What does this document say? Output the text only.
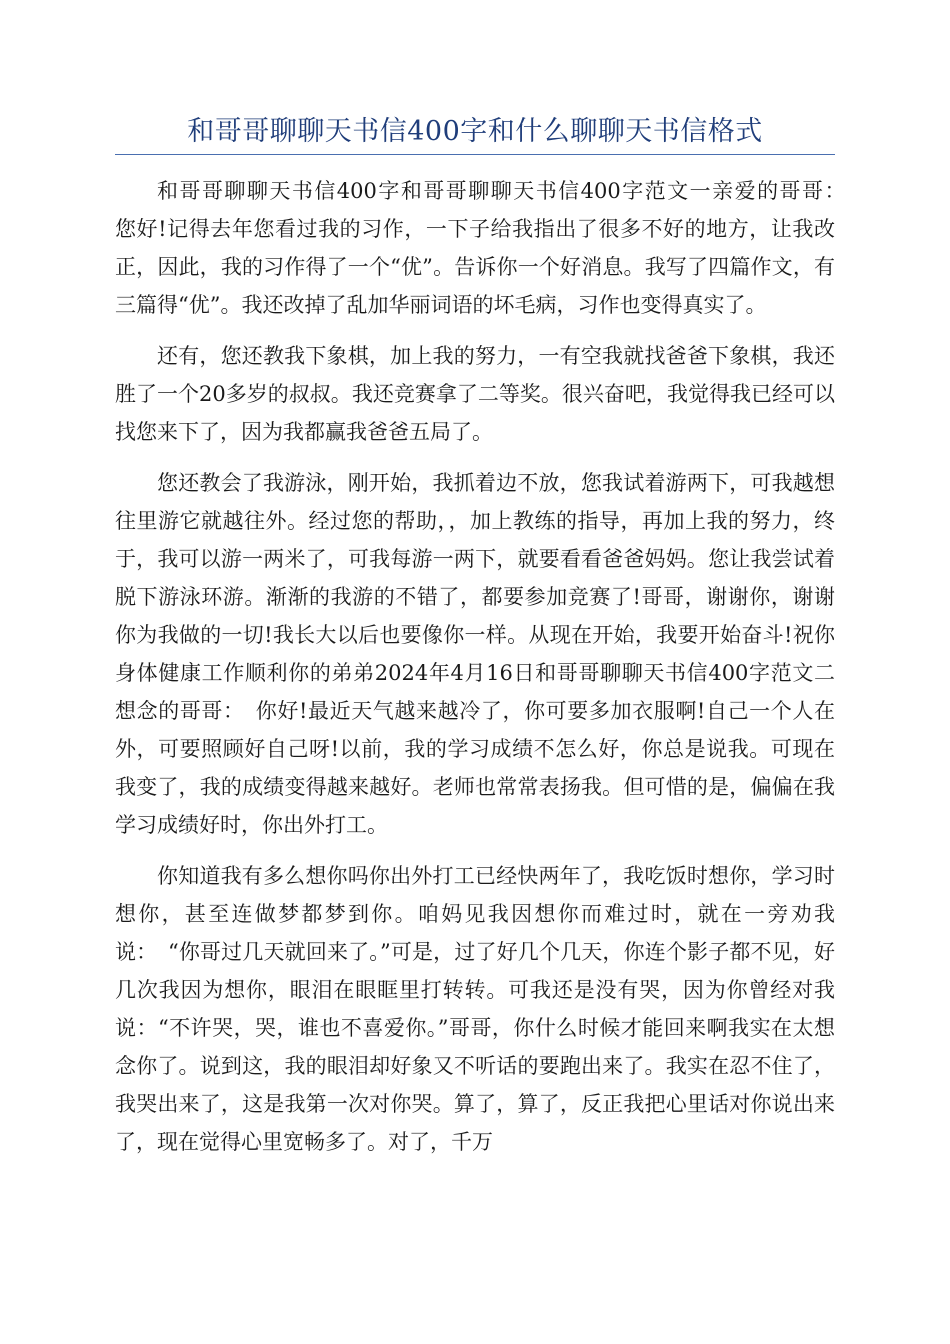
和哥哥聊聊天书信400字和什么聊聊天书信格式

和哥哥聊聊天书信400字和哥哥聊聊天书信400字范文一亲爱的哥哥：　您好!记得去年您看过我的习作，一下子给我指出了很多不好的地方，让我改正，因此，我的习作得了一个“优”。告诉你一个好消息。我写了四篇作文，有三篇得“优”。我还改掉了乱加华丽词语的坏毛病，习作也变得真实了。

还有，您还教我下象棋，加上我的努力，一有空我就找爸爸下象棋，我还胜了一个20多岁的叔叔。我还竞赛拿了二等奖。很兴奋吧，我觉得我已经可以找您来下了，因为我都赢我爸爸五局了。

您还教会了我游泳，刚开始，我抓着边不放，您我试着游两下，可我越想往里游它就越往外。经过您的帮助，，加上教练的指导，再加上我的努力，终于，我可以游一两米了，可我每游一两下，就要看看爸爸妈妈。您让我尝试着脱下游泳环游。渐渐的我游的不错了，都要参加竞赛了!哥哥，谢谢你，谢谢你为我做的一切!我长大以后也要像你一样。从现在开始，我要开始奋斗!祝你身体健康工作顺利你的弟弟2024年4月16日和哥哥聊聊天书信400字范文二想念的哥哥：　你好!最近天气越来越冷了，你可要多加衣服啊!自己一个人在外，可要照顾好自己呀!以前，我的学习成绩不怎么好，你总是说我。可现在我变了，我的成绩变得越来越好。老师也常常表扬我。但可惜的是，偏偏在我学习成绩好时，你出外打工。

你知道我有多么想你吗你出外打工已经快两年了，我吃饭时想你，学习时想你，甚至连做梦都梦到你。咱妈见我因想你而难过时，就在一旁劝我说：　“你哥过几天就回来了。”可是，过了好几个几天，你连个影子都不见，好几次我因为想你，眼泪在眼眶里打转转。可我还是没有哭，因为你曾经对我说：“不许哭，哭，谁也不喜爱你。”哥哥，你什么时候才能回来啊我实在太想念你了。说到这，我的眼泪却好象又不听话的要跑出来了。我实在忍不住了，我哭出来了，这是我第一次对你哭。算了，算了，反正我把心里话对你说出来了，现在觉得心里宽畅多了。对了，千万
